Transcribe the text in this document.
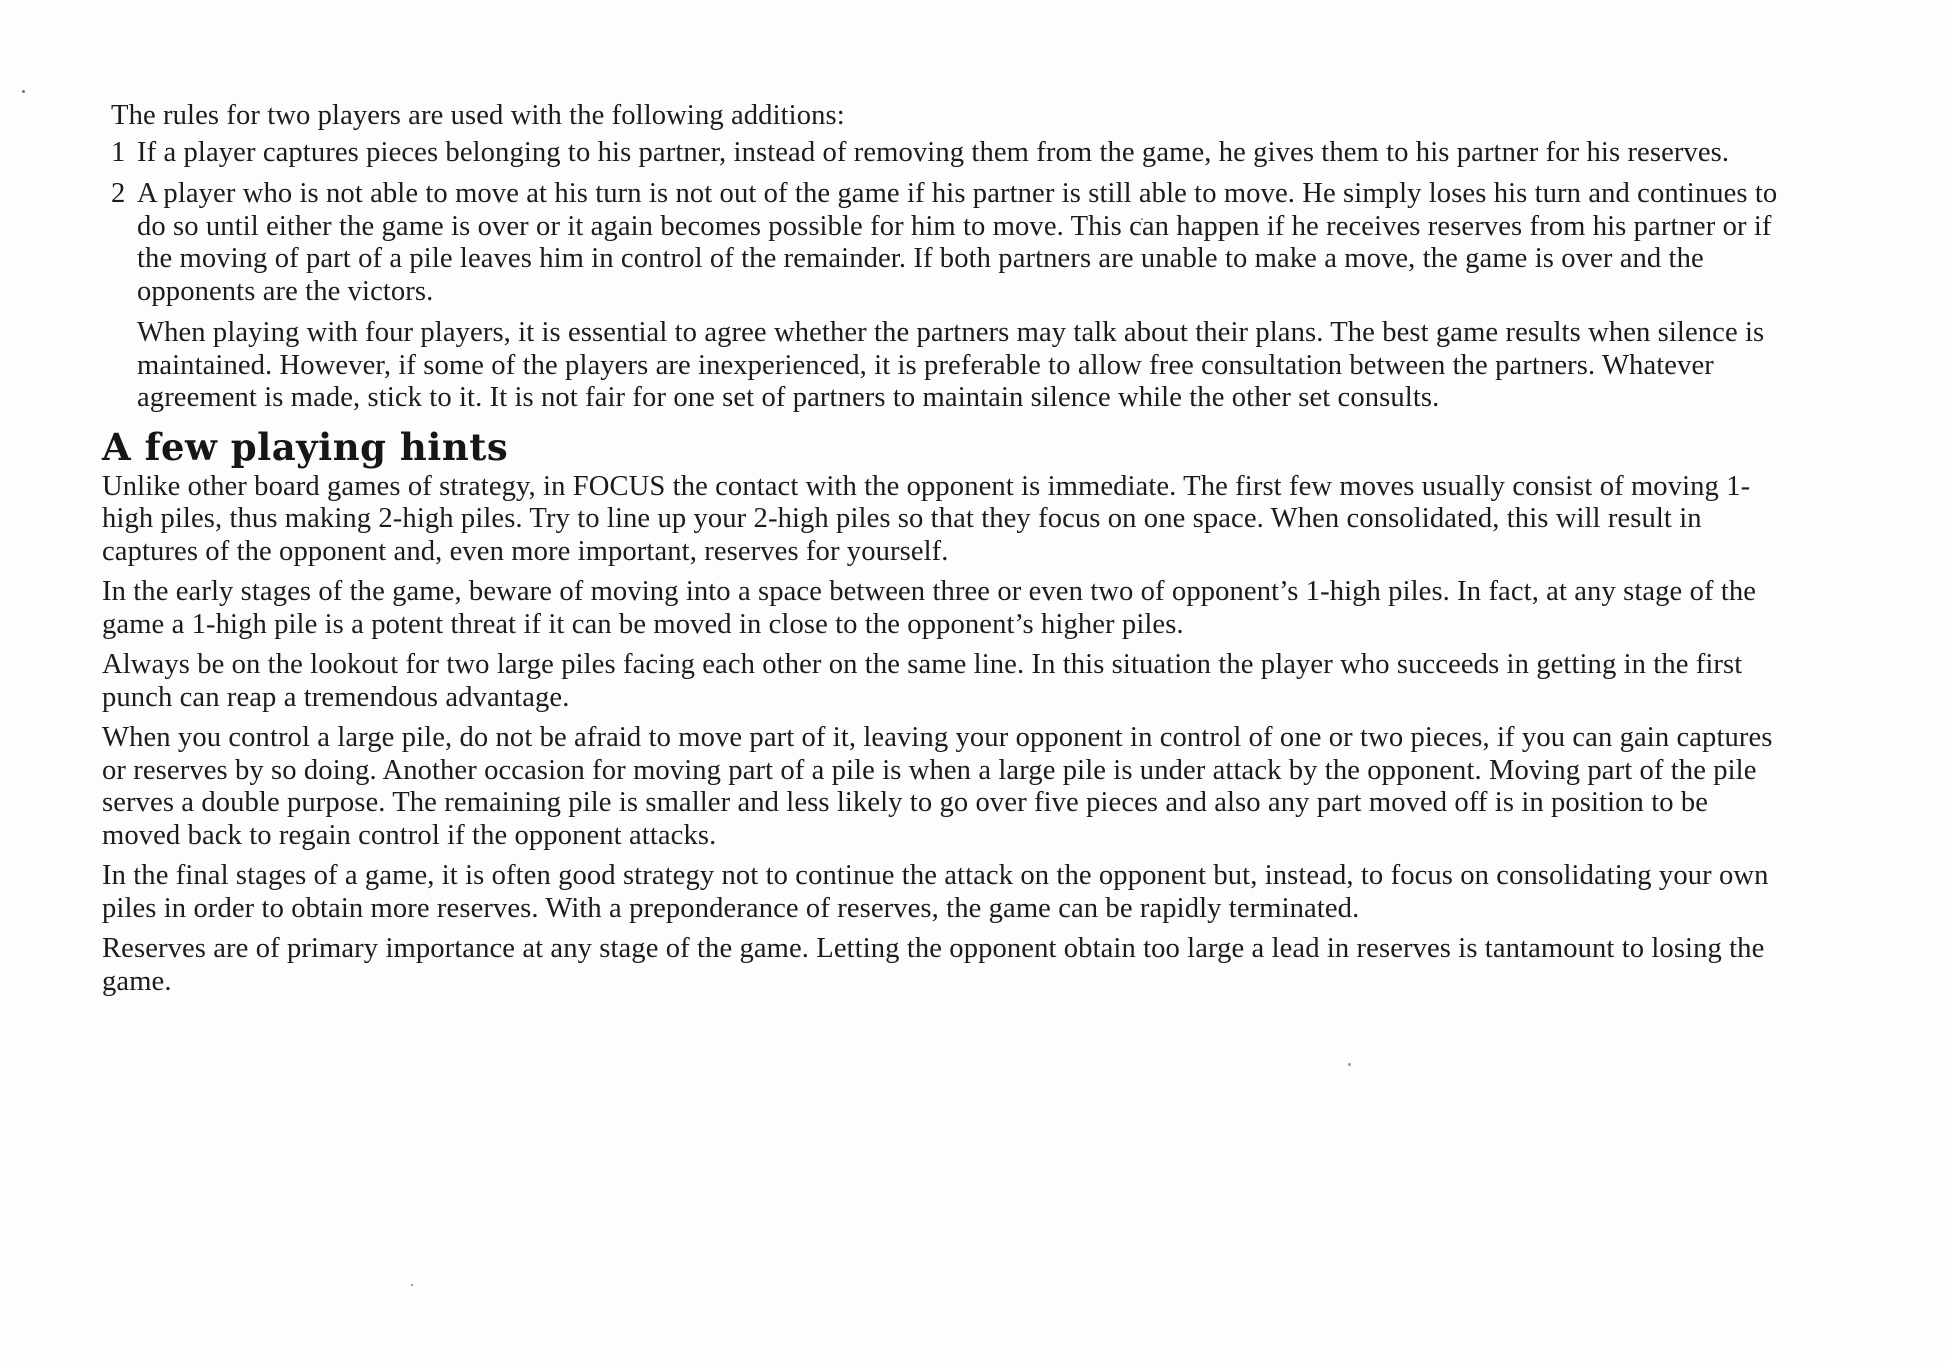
The rules for two players are used with the following additions:

1 If a player captures pieces belonging to his partner, instead of removing them from the game, he gives them to his partner for his reserves.
2 A player who is not able to move at his turn is not out of the game if his partner is still able to move. He simply loses his turn and continues to do so until either the game is over or it again becomes possible for him to move. This can happen if he receives reserves from his partner or if the moving of part of a pile leaves him in control of the remainder. If both partners are unable to make a move, the game is over and the opponents are the victors.

When playing with four players, it is essential to agree whether the partners may talk about their plans. The best game results when silence is maintained. However, if some of the players are inexperienced, it is preferable to allow free consultation between the partners. Whatever agreement is made, stick to it. It is not fair for one set of partners to maintain silence while the other set consults.

A few playing hints

Unlike other board games of strategy, in FOCUS the contact with the opponent is immediate. The first few moves usually consist of moving 1-high piles, thus making 2-high piles. Try to line up your 2-high piles so that they focus on one space. When consolidated, this will result in captures of the opponent and, even more important, reserves for yourself.

In the early stages of the game, beware of moving into a space between three or even two of opponent’s 1-high piles. In fact, at any stage of the game a 1-high pile is a potent threat if it can be moved in close to the opponent’s higher piles.

Always be on the lookout for two large piles facing each other on the same line. In this situation the player who succeeds in getting in the first punch can reap a tremendous advantage.

When you control a large pile, do not be afraid to move part of it, leaving your opponent in control of one or two pieces, if you can gain captures or reserves by so doing. Another occasion for moving part of a pile is when a large pile is under attack by the opponent. Moving part of the pile serves a double purpose. The remaining pile is smaller and less likely to go over five pieces and also any part moved off is in position to be moved back to regain control if the opponent attacks.

In the final stages of a game, it is often good strategy not to continue the attack on the opponent but, instead, to focus on consolidating your own piles in order to obtain more reserves. With a preponderance of reserves, the game can be rapidly terminated.

Reserves are of primary importance at any stage of the game. Letting the opponent obtain too large a lead in reserves is tantamount to losing the game.
